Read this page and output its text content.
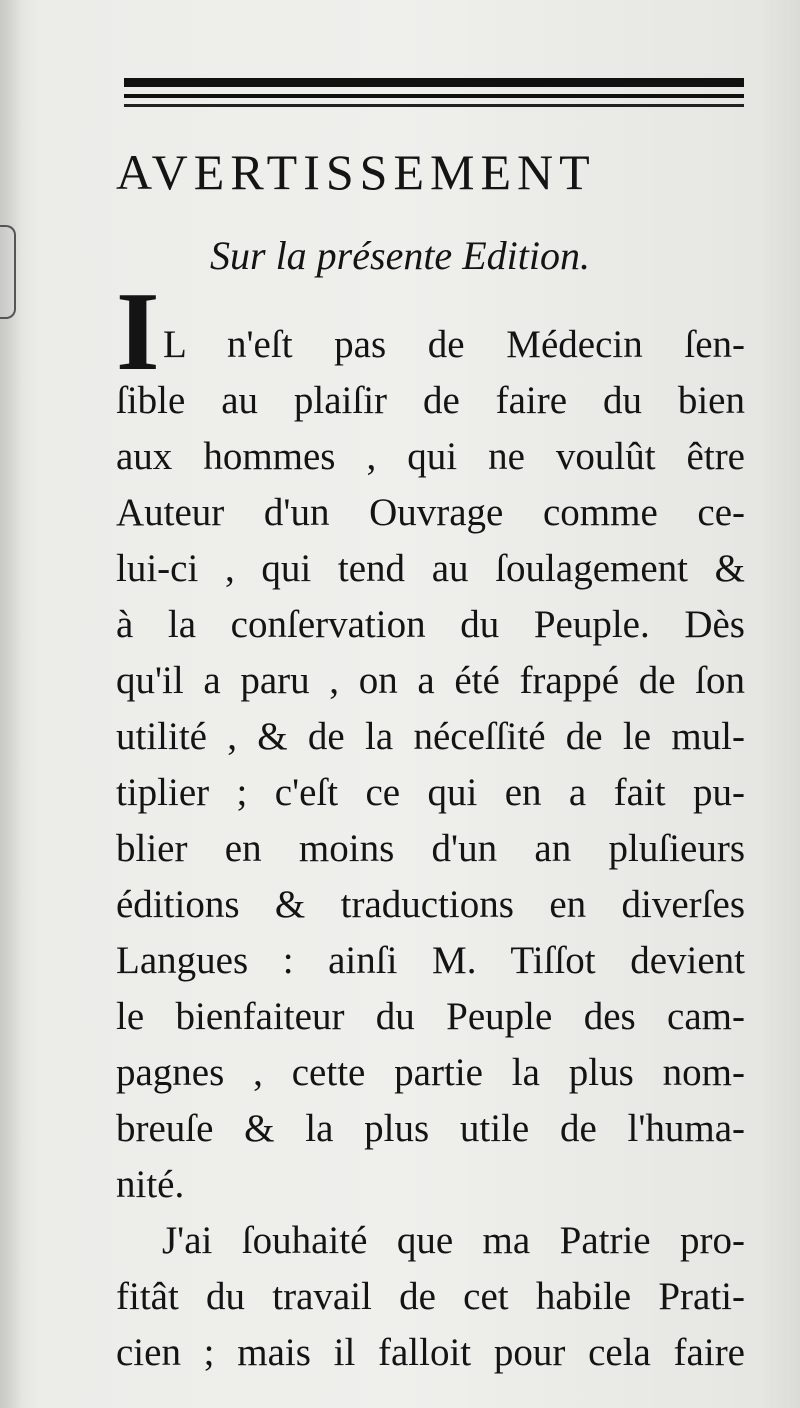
AVERTISSEMENT
Sur la présente Edition.
I L n'eſt pas de Médecin ſen-
ſible au plaiſir de faire du bien
aux hommes , qui ne voulût être
Auteur d'un Ouvrage comme ce-
lui-ci , qui tend au ſoulagement &
à la conſervation du Peuple. Dès
qu'il a paru , on a été frappé de ſon
utilité , & de la néceſſité de le mul-
tiplier ; c'eſt ce qui en a fait pu-
blier en moins d'un an pluſieurs
éditions & traductions en diverſes
Langues : ainſi M. Tiſſot devient
le bienfaiteur du Peuple des cam-
pagnes , cette partie la plus nom-
breuſe & la plus utile de l'huma-
nité.
J'ai ſouhaité que ma Patrie pro-
fitât du travail de cet habile Prati-
cien ; mais il falloit pour cela faire
